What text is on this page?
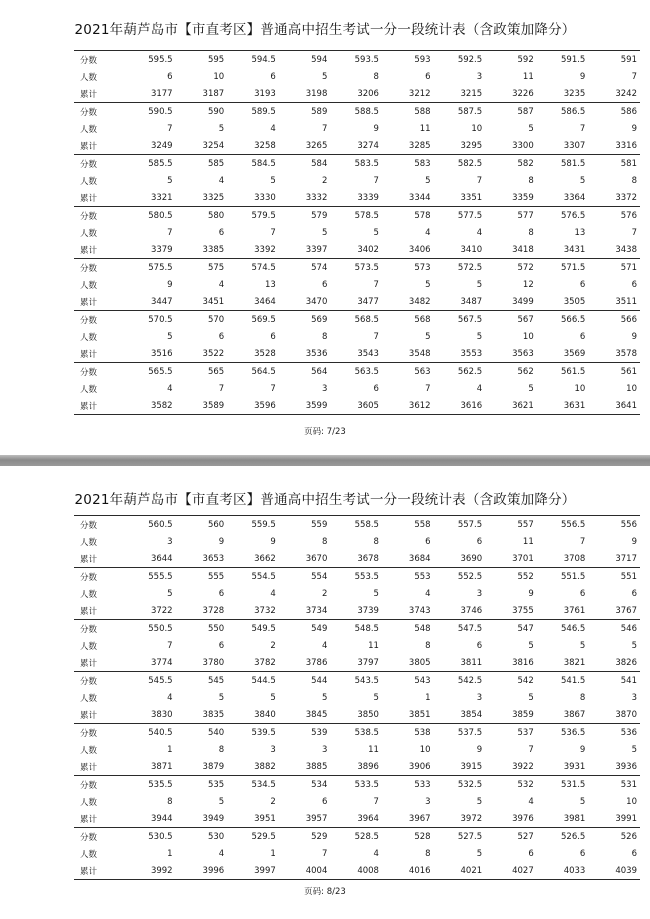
2021年葫芦岛市【市直考区】普通高中招生考试一分一段统计表（含政策加降分）
分数	595.5	595	594.5	594	593.5	593	592.5	592	591.5	591
人数	6	10	6	5	8	6	3	11	9	7
累计	3177	3187	3193	3198	3206	3212	3215	3226	3235	3242
分数	590.5	590	589.5	589	588.5	588	587.5	587	586.5	586
人数	7	5	4	7	9	11	10	5	7	9
累计	3249	3254	3258	3265	3274	3285	3295	3300	3307	3316
分数	585.5	585	584.5	584	583.5	583	582.5	582	581.5	581
人数	5	4	5	2	7	5	7	8	5	8
累计	3321	3325	3330	3332	3339	3344	3351	3359	3364	3372
分数	580.5	580	579.5	579	578.5	578	577.5	577	576.5	576
人数	7	6	7	5	5	4	4	8	13	7
累计	3379	3385	3392	3397	3402	3406	3410	3418	3431	3438
分数	575.5	575	574.5	574	573.5	573	572.5	572	571.5	571
人数	9	4	13	6	7	5	5	12	6	6
累计	3447	3451	3464	3470	3477	3482	3487	3499	3505	3511
分数	570.5	570	569.5	569	568.5	568	567.5	567	566.5	566
人数	5	6	6	8	7	5	5	10	6	9
累计	3516	3522	3528	3536	3543	3548	3553	3563	3569	3578
分数	565.5	565	564.5	564	563.5	563	562.5	562	561.5	561
人数	4	7	7	3	6	7	4	5	10	10
累计	3582	3589	3596	3599	3605	3612	3616	3621	3631	3641
页码: 7/23
2021年葫芦岛市【市直考区】普通高中招生考试一分一段统计表（含政策加降分）
分数	560.5	560	559.5	559	558.5	558	557.5	557	556.5	556
人数	3	9	9	8	8	6	6	11	7	9
累计	3644	3653	3662	3670	3678	3684	3690	3701	3708	3717
分数	555.5	555	554.5	554	553.5	553	552.5	552	551.5	551
人数	5	6	4	2	5	4	3	9	6	6
累计	3722	3728	3732	3734	3739	3743	3746	3755	3761	3767
分数	550.5	550	549.5	549	548.5	548	547.5	547	546.5	546
人数	7	6	2	4	11	8	6	5	5	5
累计	3774	3780	3782	3786	3797	3805	3811	3816	3821	3826
分数	545.5	545	544.5	544	543.5	543	542.5	542	541.5	541
人数	4	5	5	5	5	1	3	5	8	3
累计	3830	3835	3840	3845	3850	3851	3854	3859	3867	3870
分数	540.5	540	539.5	539	538.5	538	537.5	537	536.5	536
人数	1	8	3	3	11	10	9	7	9	5
累计	3871	3879	3882	3885	3896	3906	3915	3922	3931	3936
分数	535.5	535	534.5	534	533.5	533	532.5	532	531.5	531
人数	8	5	2	6	7	3	5	4	5	10
累计	3944	3949	3951	3957	3964	3967	3972	3976	3981	3991
分数	530.5	530	529.5	529	528.5	528	527.5	527	526.5	526
人数	1	4	1	7	4	8	5	6	6	6
累计	3992	3996	3997	4004	4008	4016	4021	4027	4033	4039
页码: 8/23
